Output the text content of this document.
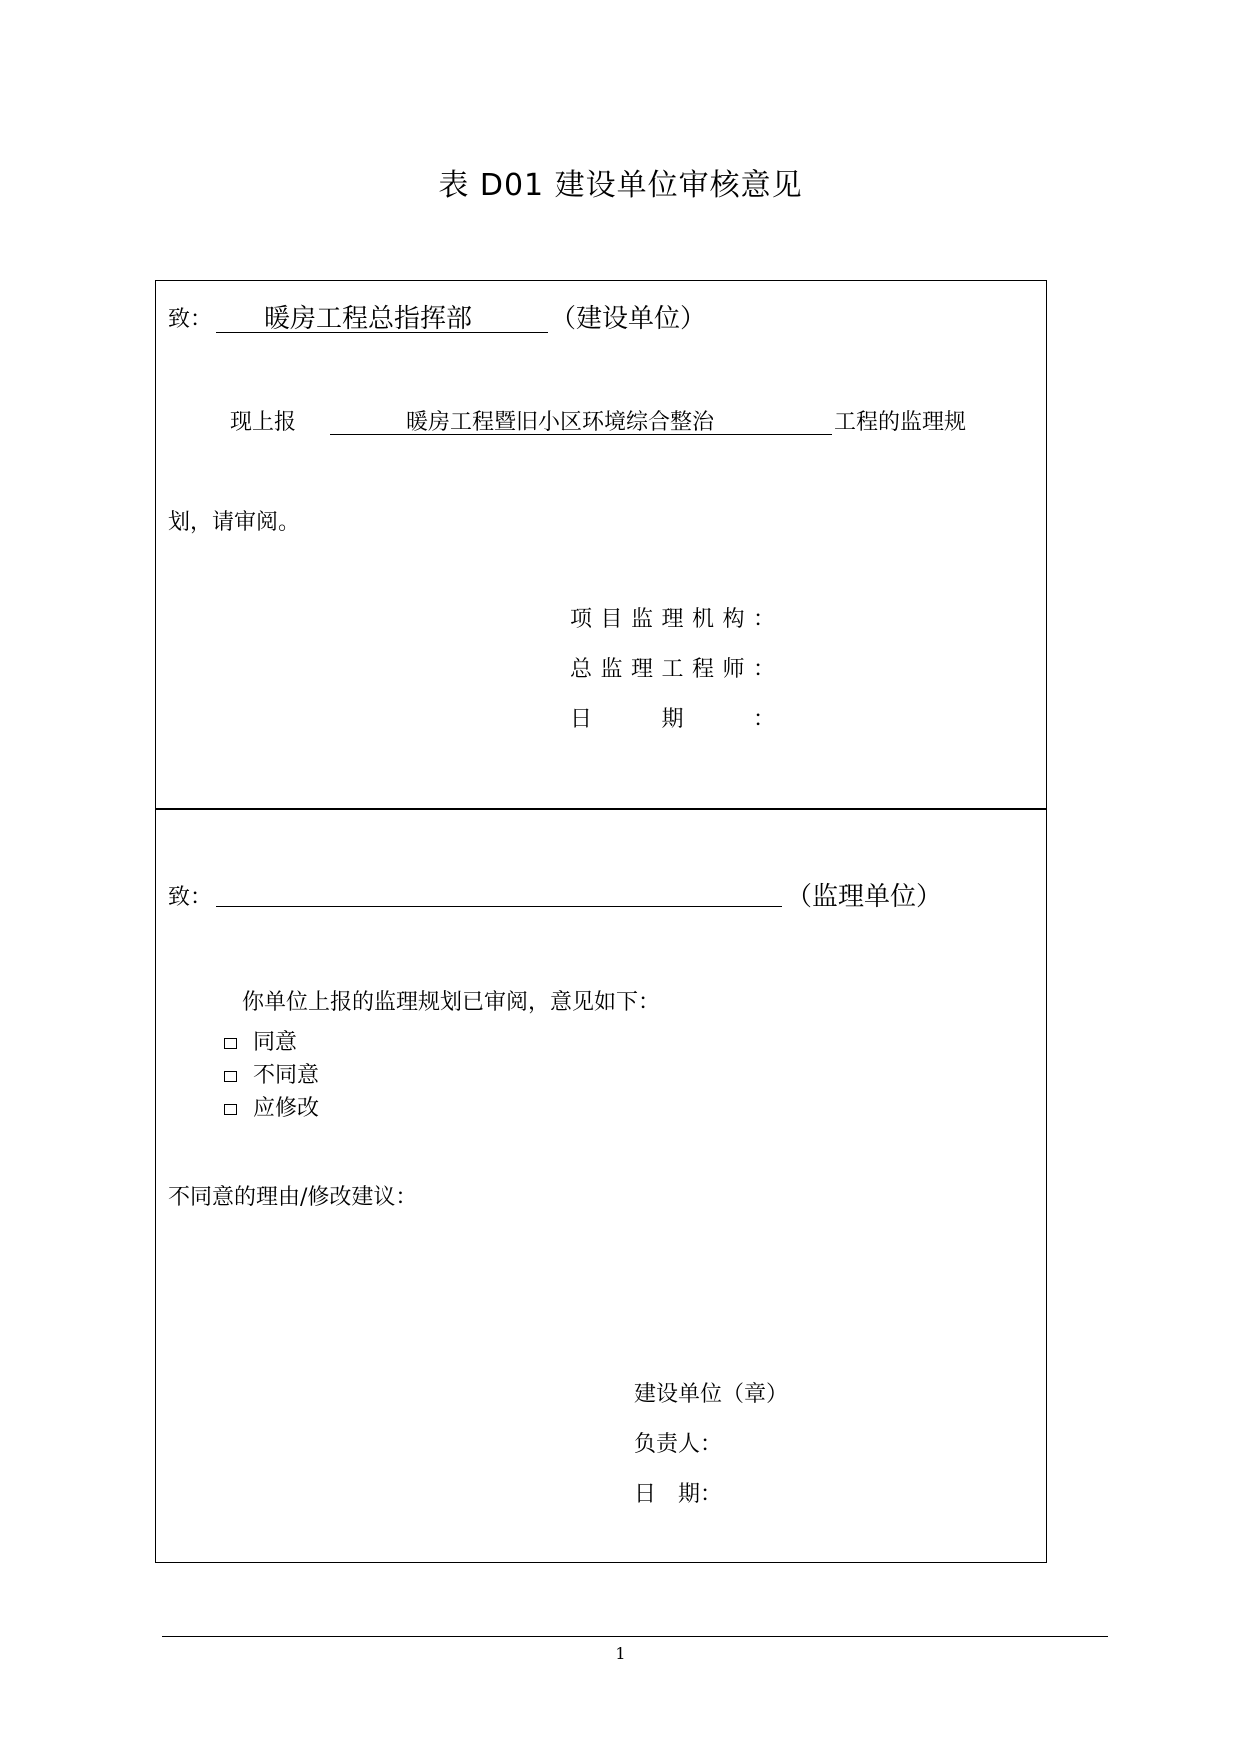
表 D01 建设单位审核意见
致： 暖房工程总指挥部	（建设单位）
现上报	暖房工程暨旧小区环境综合整治	工程的监理规
划，请审阅。
项目监理机构：
总监理工程师：
日期：
致：	（监理单位）
你单位上报的监理规划已审阅，意见如下：
同意
不同意
应修改
不同意的理由/修改建议：
建设单位（章）
负责人：
日　期：
1
